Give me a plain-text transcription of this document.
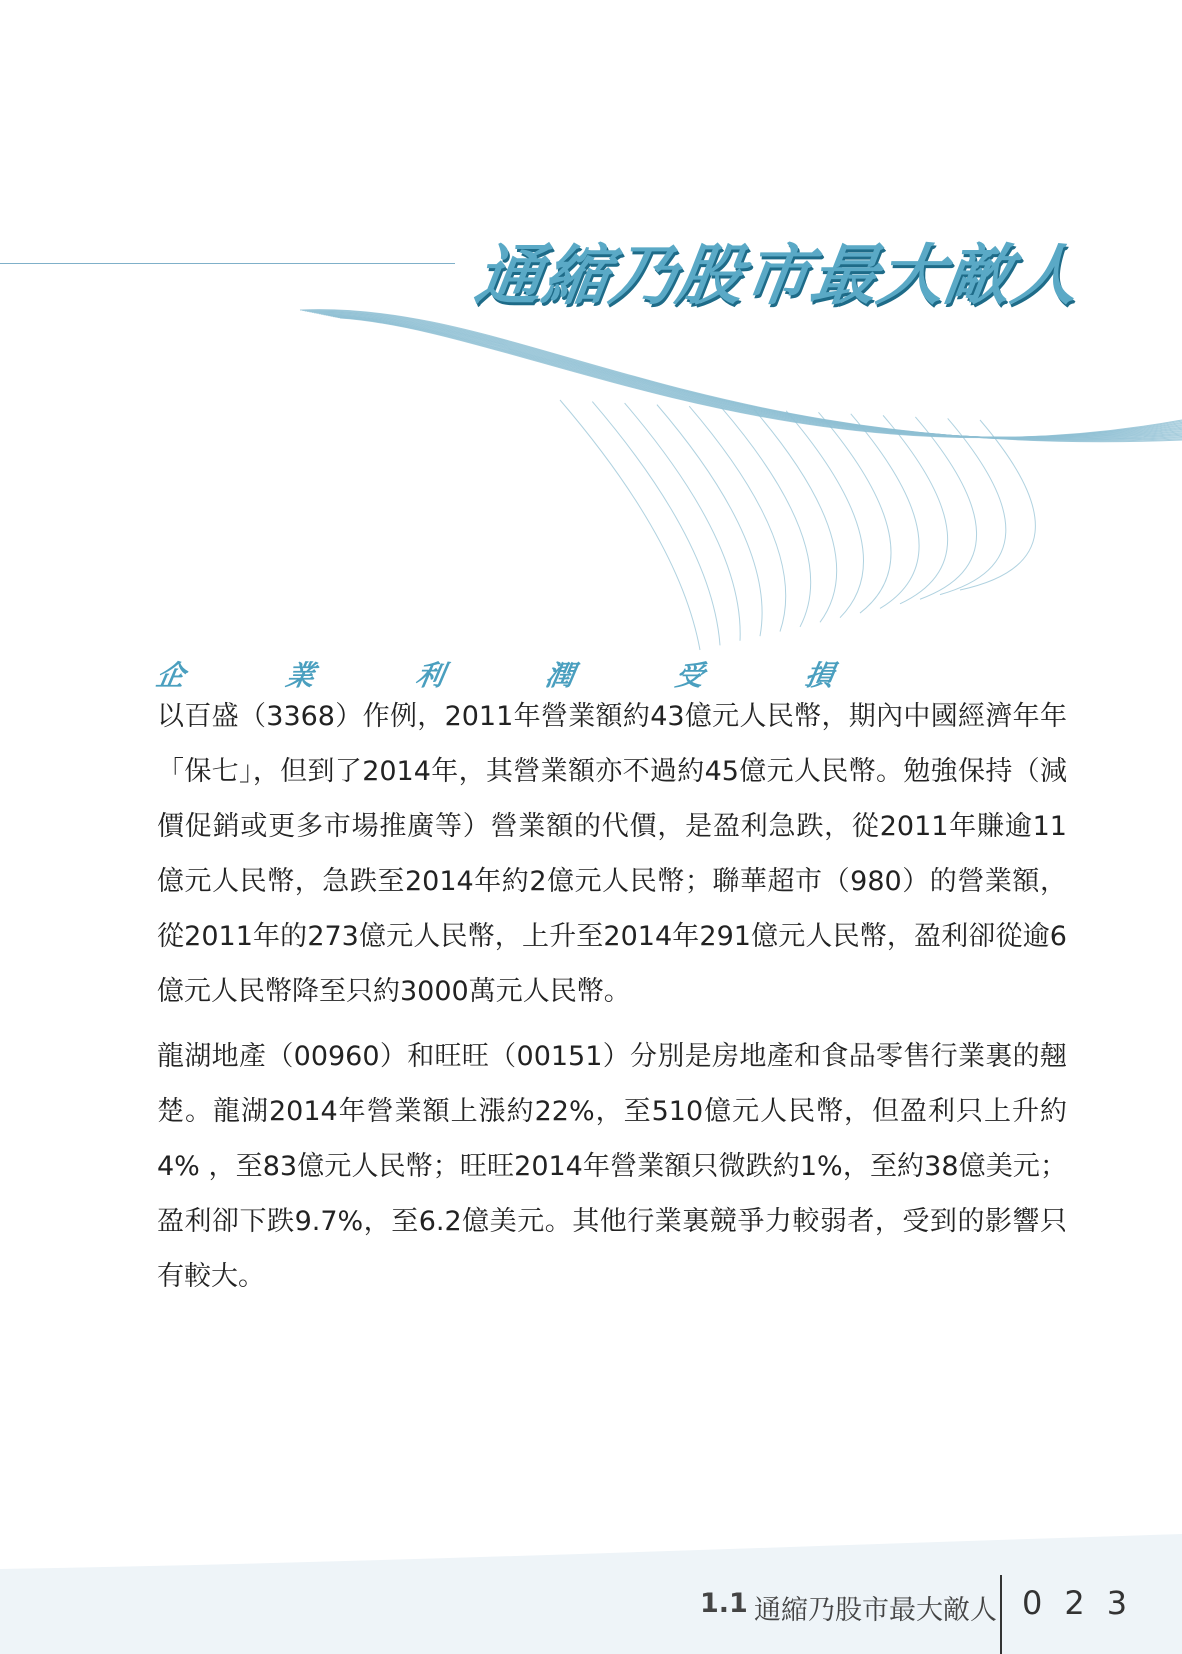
通縮乃股市最大敵人
企 業 利 潤 受 損

以百盛（3368）作例，2011年營業額約43億元人民幣，期內中國經濟年年「保七」，但到了2014年，其營業額亦不過約45億元人民幣。勉強保持（減價促銷或更多市場推廣等）營業額的代價，是盈利急跌，從2011年賺逾11億元人民幣，急跌至2014年約2億元人民幣；聯華超市（980）的營業額，從2011年的273億元人民幣，上升至2014年291億元人民幣，盈利卻從逾6億元人民幣降至只約3000萬元人民幣。

龍湖地產（00960）和旺旺（00151）分別是房地產和食品零售行業裏的翹楚。龍湖2014年營業額上漲約22%，至510億元人民幣，但盈利只上升約4% ，至83億元人民幣；旺旺2014年營業額只微跌約1%，至約38億美元；盈利卻下跌9.7%，至6.2億美元。其他行業裏競爭力較弱者，受到的影響只有較大。

1.1 通縮乃股市最大敵人 023
